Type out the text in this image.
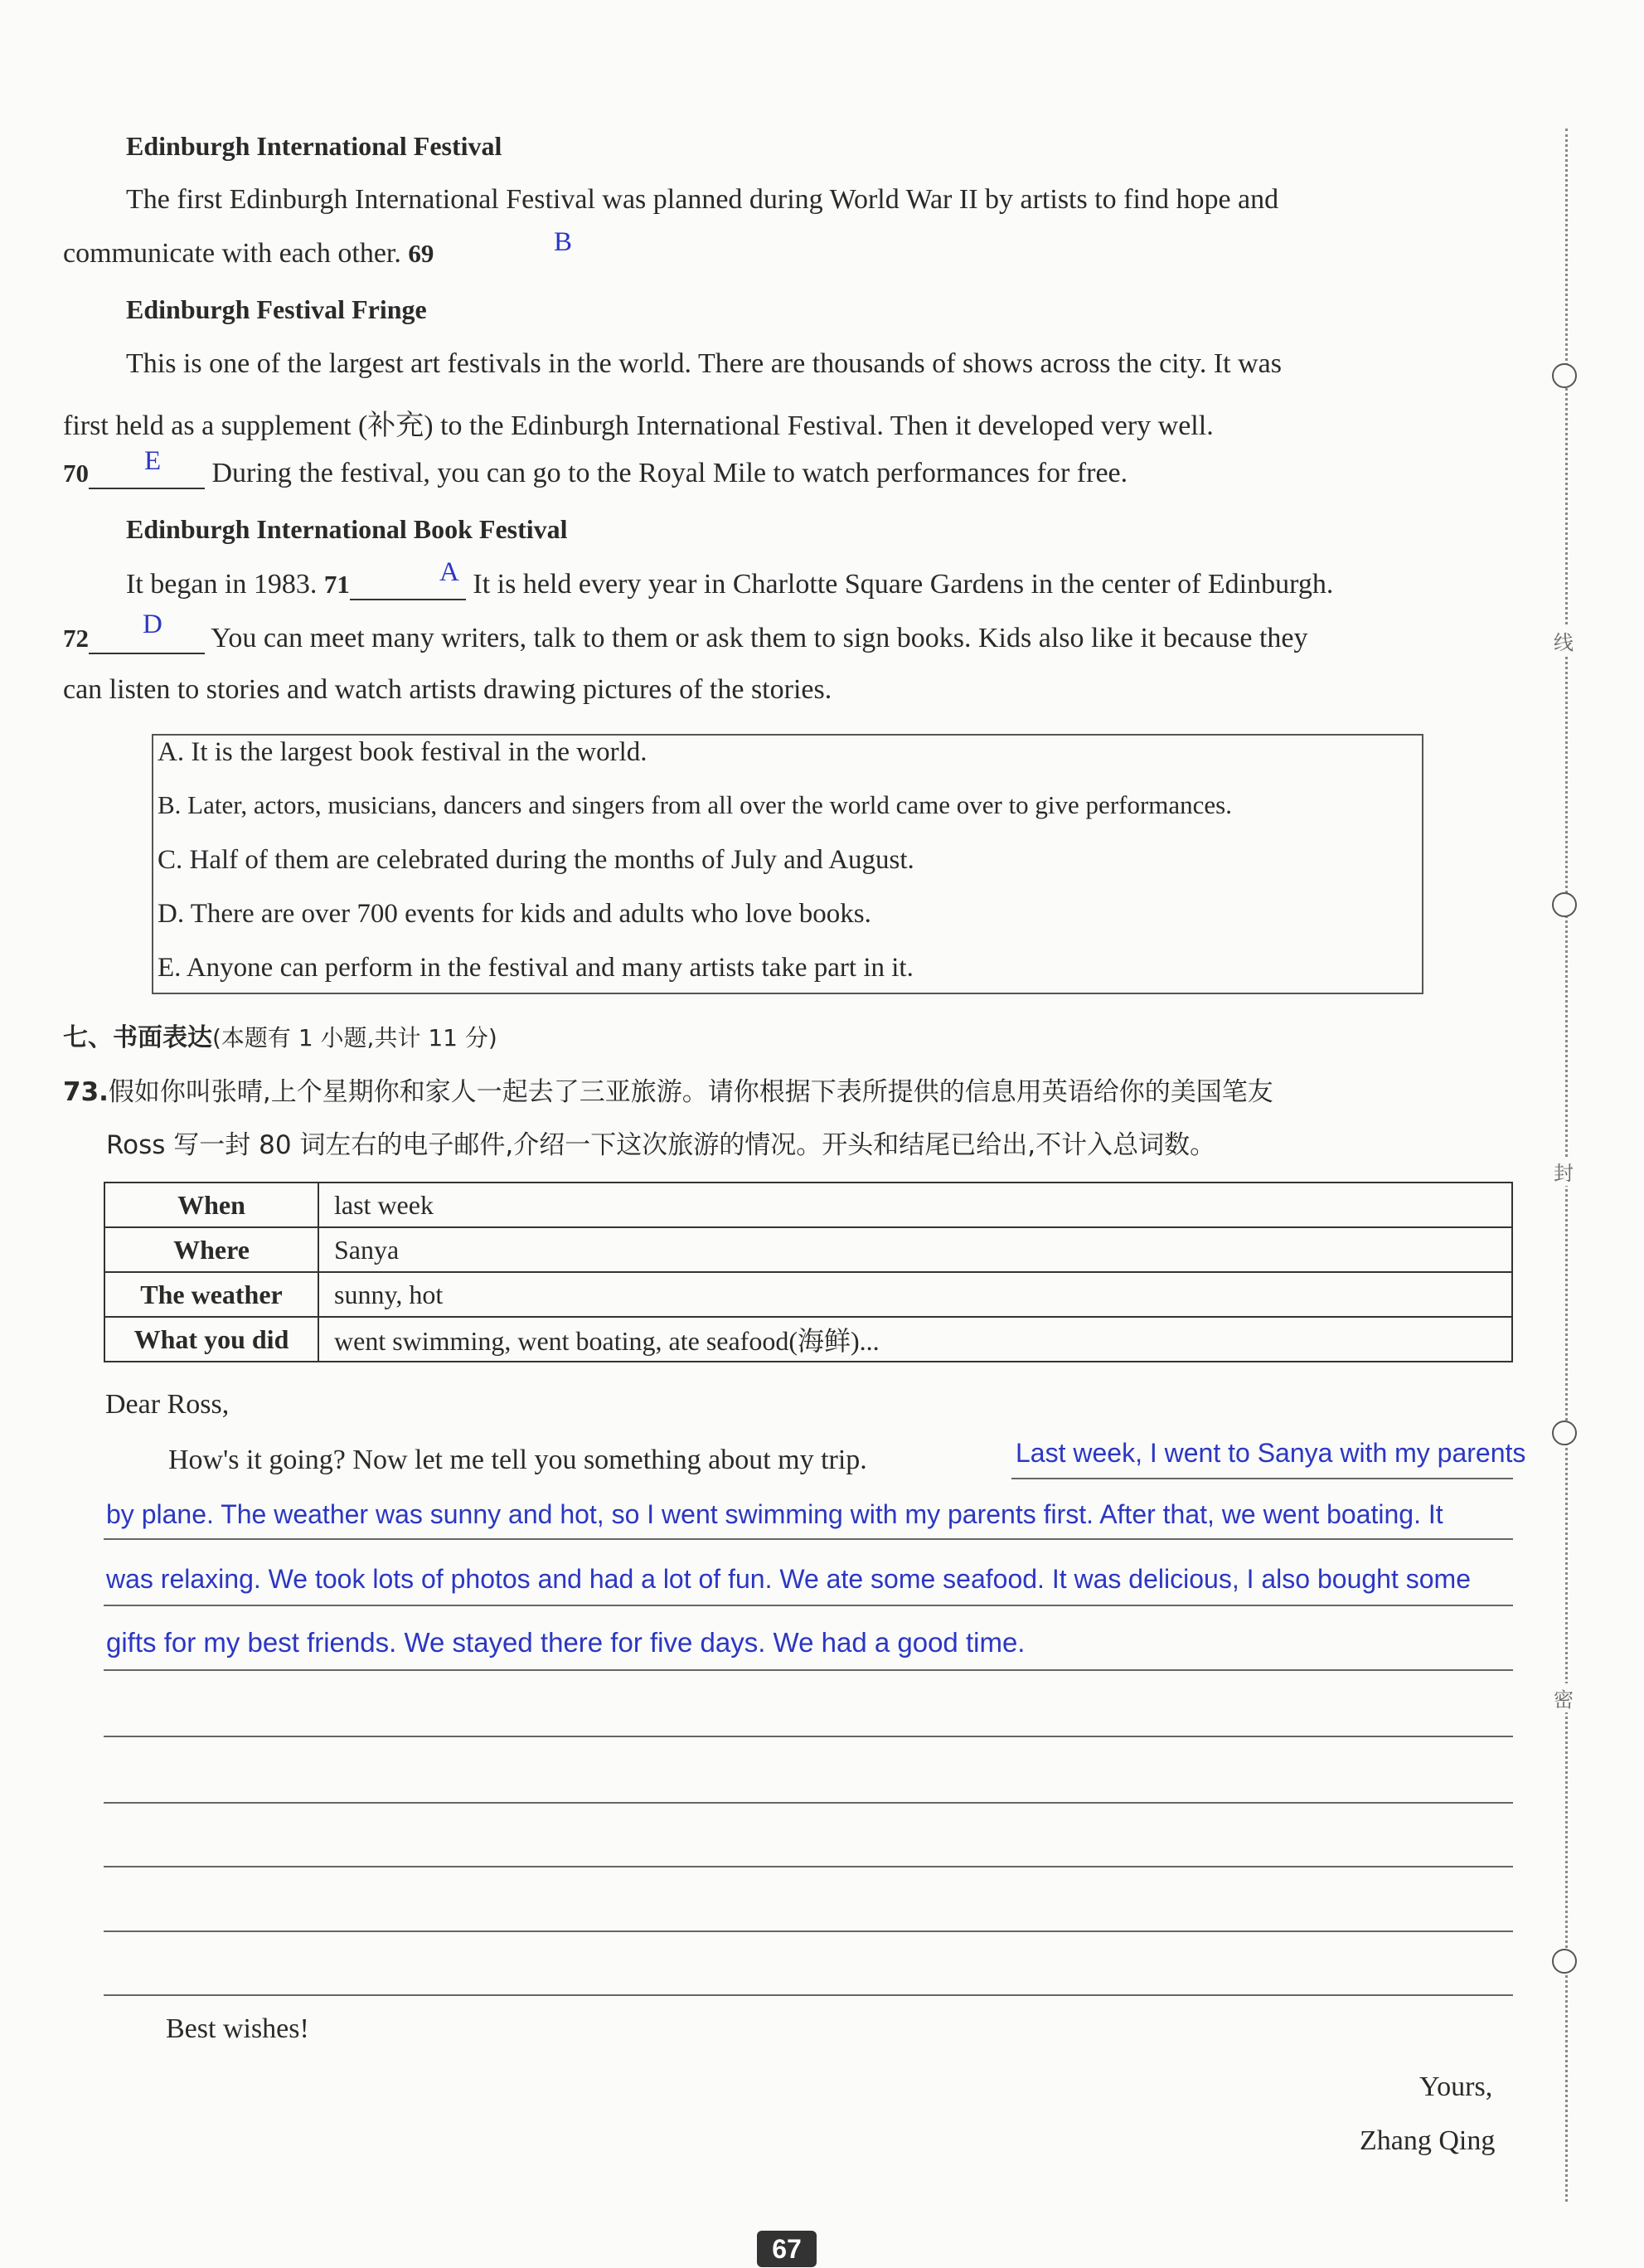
Edinburgh International Festival
The first Edinburgh International Festival was planned during World War II by artists to find hope and
communicate with each other. 69	B
Edinburgh Festival Fringe
This is one of the largest art festivals in the world. There are thousands of shows across the city. It was
first held as a supplement (补充) to the Edinburgh International Festival. Then it developed very well.
70	During the festival, you can go to the Royal Mile to watch performances for free.
E
Edinburgh International Book Festival
It began in 1983. 71	It is held every year in Charlotte Square Gardens in the center of Edinburgh.
A
72	You can meet many writers, talk to them or ask them to sign books. Kids also like it because they
D
can listen to stories and watch artists drawing pictures of the stories.
A. It is the largest book festival in the world.
B. Later, actors, musicians, dancers and singers from all over the world came over to give performances.
C. Half of them are celebrated during the months of July and August.
D. There are over 700 events for kids and adults who love books.
E. Anyone can perform in the festival and many artists take part in it.
七、书面表达(本题有 1 小题,共计 11 分)
73.假如你叫张晴,上个星期你和家人一起去了三亚旅游。请你根据下表所提供的信息用英语给你的美国笔友
Ross 写一封 80 词左右的电子邮件,介绍一下这次旅游的情况。开头和结尾已给出,不计入总词数。
When	last week
Where	Sanya
The weather	sunny, hot
What you did	went swimming, went boating, ate seafood(海鲜)...
Dear Ross,
How's it going? Now let me tell you something about my trip.	Last week, I went to Sanya with my parents
by plane. The weather was sunny and hot, so I went swimming with my parents first. After that, we went boating. It
was relaxing. We took lots of photos and had a lot of fun. We ate some seafood. It was delicious, I also bought some
gifts for my best friends. We stayed there for five days. We had a good time.
Best wishes!
Yours,
Zhang Qing
线
封
密
67
